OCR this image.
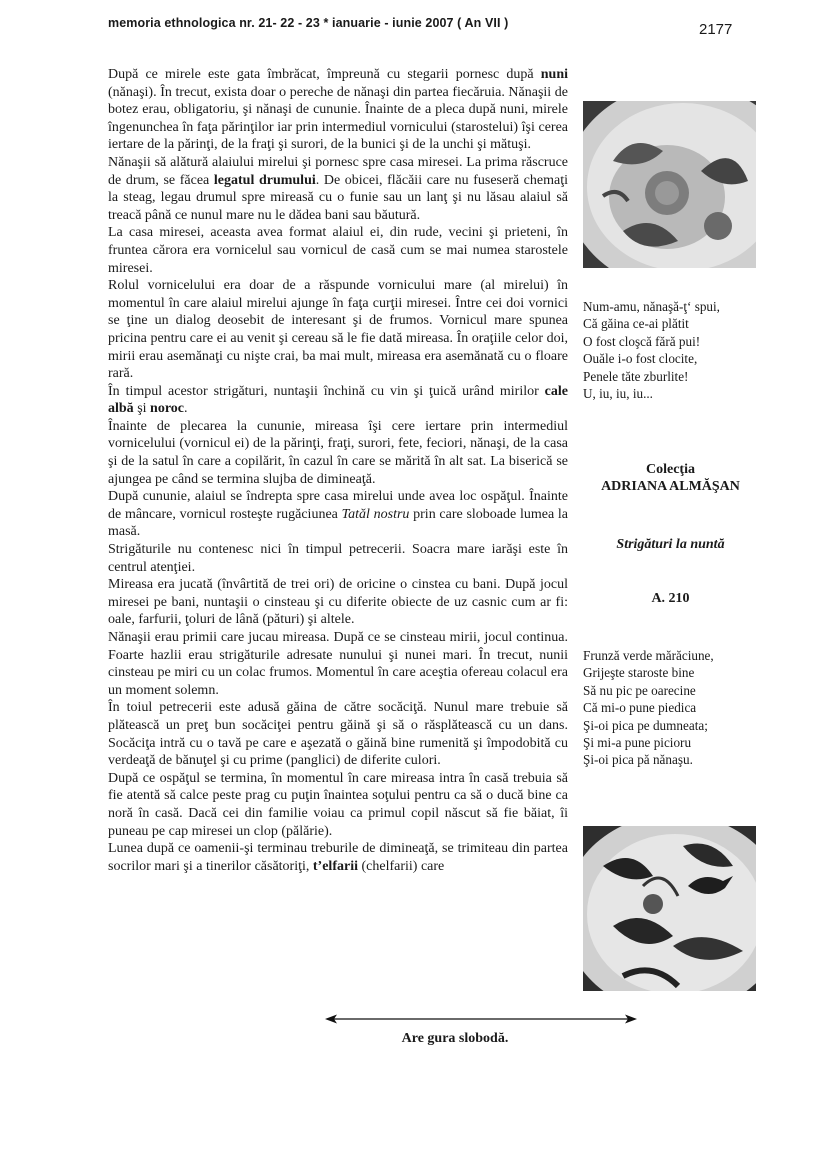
memoria ethnologica nr. 21- 22 - 23 * ianuarie - iunie 2007 ( An VII )	2177

După ce mirele este gata îmbrăcat, împreună cu stegarii pornesc după nuni (nănaşi). În trecut, exista doar o pereche de nănaşi din partea fiecăruia. Nănaşii de botez erau, obligatoriu, şi nănaşi de cununie. Înainte de a pleca după nuni, mirele îngenunchea în faţa părinţilor iar prin intermediul vornicului (starostelui) îşi cerea iertare de la părinţi, de la fraţi şi surori, de la bunici şi de la unchi şi mătuşi.

Nănaşii să alătură alaiului mirelui şi pornesc spre casa miresei. La prima răscruce de drum, se făcea legatul drumului. De obicei, flăcăii care nu fuseseră chemaţi la steag, legau drumul spre mireasă cu o funie sau un lanţ şi nu lăsau alaiul să treacă până ce nunul mare nu le dădea bani sau băutură.

La casa miresei, aceasta avea format alaiul ei, din rude, vecini şi prieteni, în fruntea cărora era vornicelul sau vornicul de casă cum se mai numea starostele miresei.

Rolul vornicelului era doar de a răspunde vornicului mare (al mirelui) în momentul în care alaiul mirelui ajunge în faţa curţii miresei. Între cei doi vornici se ţine un dialog deosebit de interesant şi de frumos. Vornicul mare spunea pricina pentru care ei au venit şi cereau să le fie dată mireasa. În oraţiile celor doi, mirii erau asemănaţi cu nişte crai, ba mai mult, mireasa era asemănată cu o floare rară.

În timpul acestor strigături, nuntaşii închină cu vin şi ţuică urând mirilor cale albă şi noroc.

Înainte de plecarea la cununie, mireasa îşi cere iertare prin intermediul vornicelului (vornicul ei) de la părinţi, fraţi, surori, fete, feciori, nănaşi, de la casa şi de la satul în care a copilărit, în cazul în care se mărită în alt sat. La biserică se ajungea pe când se termina slujba de dimineaţă.

După cununie, alaiul se îndrepta spre casa mirelui unde avea loc ospăţul. Înainte de mâncare, vornicul rosteşte rugăciunea Tatăl nostru prin care sloboade lumea la masă.

Strigăturile nu contenesc nici în timpul petrecerii. Soacra mare iarăşi este în centrul atenţiei.

Mireasa era jucată (învârtită de trei ori) de oricine o cinstea cu bani. După jocul miresei pe bani, nuntaşii o cinsteau şi cu diferite obiecte de uz casnic cum ar fi: oale, farfurii, ţoluri de lână (pături) şi altele.

Nănaşii erau primii care jucau mireasa. După ce se cinsteau mirii, jocul continua. Foarte hazlii erau strigăturile adresate nunului şi nunei mari. În trecut, nunii cinsteau pe miri cu un colac frumos. Momentul în care aceştia ofereau colacul era un moment solemn.

În toiul petrecerii este adusă găina de către socăciţă. Nunul mare trebuie să plătească un preţ bun socăciţei pentru găină şi să o răsplătească cu un dans. Socăciţa intră cu o tavă pe care e aşezată o găină bine rumenită şi împodobită cu verdeaţă de bănuţel şi cu prime (panglici) de diferite culori.

După ce ospăţul se termina, în momentul în care mireasa intra în casă trebuia să fie atentă să calce peste prag cu puţin înaintea soţului pentru ca să o ducă bine ca noră în casă. Dacă cei din familie voiau ca primul copil născut să fie băiat, îi puneau pe cap miresei un clop (pălărie).

Lunea după ce oamenii-şi terminau treburile de dimineaţă, se trimiteau din partea socrilor mari şi a tinerilor căsătoriţi, t’elfarii (chelfarii) care

Num-amu, nănaşă-ţ‘ spui,
Că găina ce-ai plătit
O fost cloşcă fără pui!
Ouăle i-o fost clocite,
Penele tăte zburlite!
U, iu, iu, iu...
Colecţia
ADRIANA ALMĂŞAN
Strigături la nuntă
A. 210
Frunză verde mărăciune,
Grijeşte staroste bine
Să nu pic pe oarecine
Că mi-o pune piedica
Şi-oi pica pe dumneata;
Şi mi-a pune picioru
Şi-oi pica pă nănaşu.
Are gura slobodă.
